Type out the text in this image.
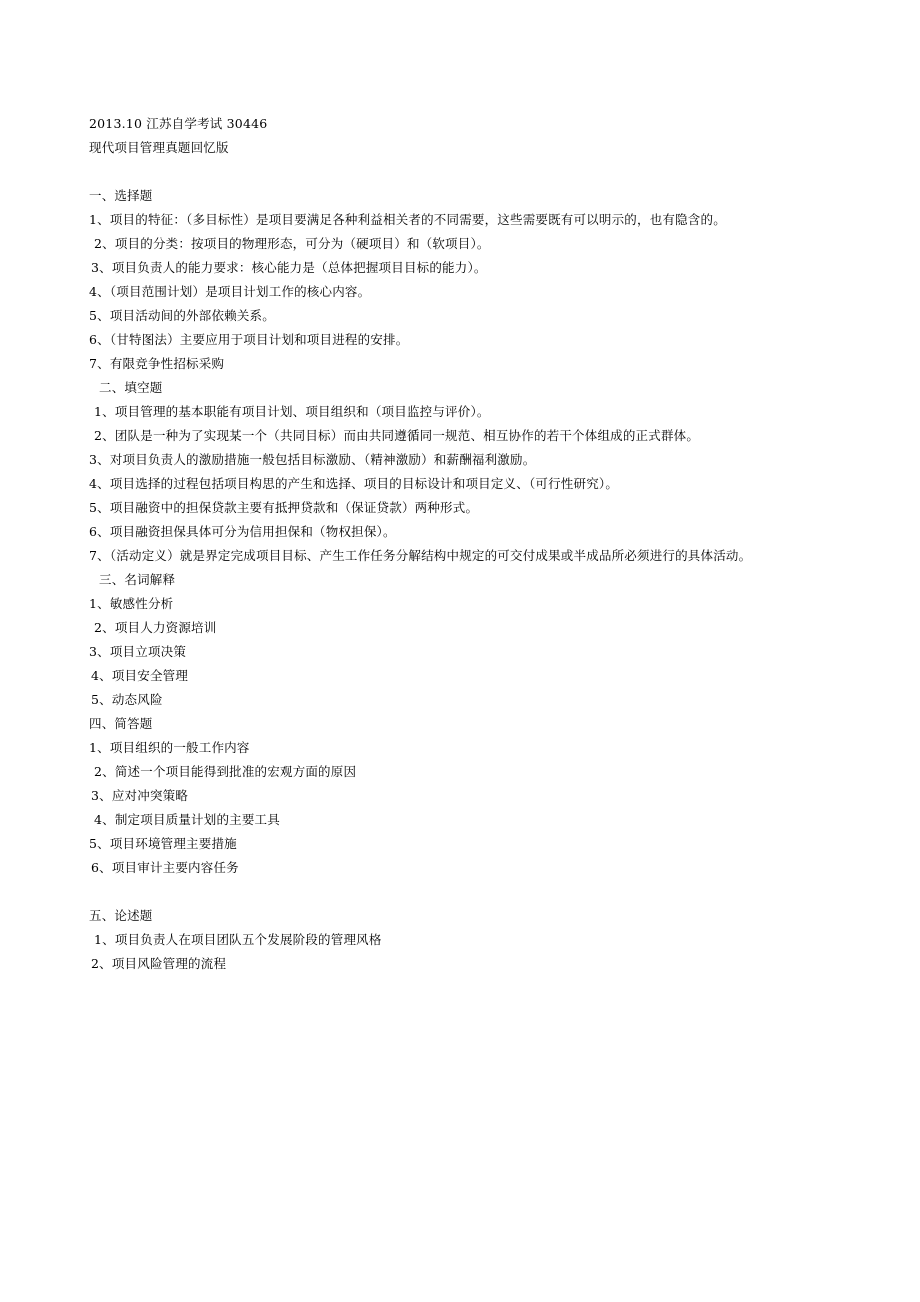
2013.10 江苏自学考试 30446
现代项目管理真题回忆版
一、选择题
1、项目的特征：（多目标性）是项目要满足各种利益相关者的不同需要，这些需要既有可以明示的，也有隐含的。
2、项目的分类：按项目的物理形态，可分为（硬项目）和（软项目）。
3、项目负责人的能力要求：核心能力是（总体把握项目目标的能力）。
4、（项目范围计划）是项目计划工作的核心内容。
5、项目活动间的外部依赖关系。
6、（甘特图法）主要应用于项目计划和项目进程的安排。
7、有限竞争性招标采购
二、填空题
1、项目管理的基本职能有项目计划、项目组织和（项目监控与评价）。
2、团队是一种为了实现某一个（共同目标）而由共同遵循同一规范、相互协作的若干个体组成的正式群体。
3、对项目负责人的激励措施一般包括目标激励、（精神激励）和薪酬福利激励。
4、项目选择的过程包括项目构思的产生和选择、项目的目标设计和项目定义、（可行性研究）。
5、项目融资中的担保贷款主要有抵押贷款和（保证贷款）两种形式。
6、项目融资担保具体可分为信用担保和（物权担保）。
7、（活动定义）就是界定完成项目目标、产生工作任务分解结构中规定的可交付成果或半成品所必须进行的具体活动。
三、名词解释
1、敏感性分析
2、项目人力资源培训
3、项目立项决策
4、项目安全管理
5、动态风险
四、简答题
1、项目组织的一般工作内容
2、简述一个项目能得到批准的宏观方面的原因
3、应对冲突策略
4、制定项目质量计划的主要工具
5、项目环境管理主要措施
6、项目审计主要内容任务
五、论述题
1、项目负责人在项目团队五个发展阶段的管理风格
2、项目风险管理的流程
